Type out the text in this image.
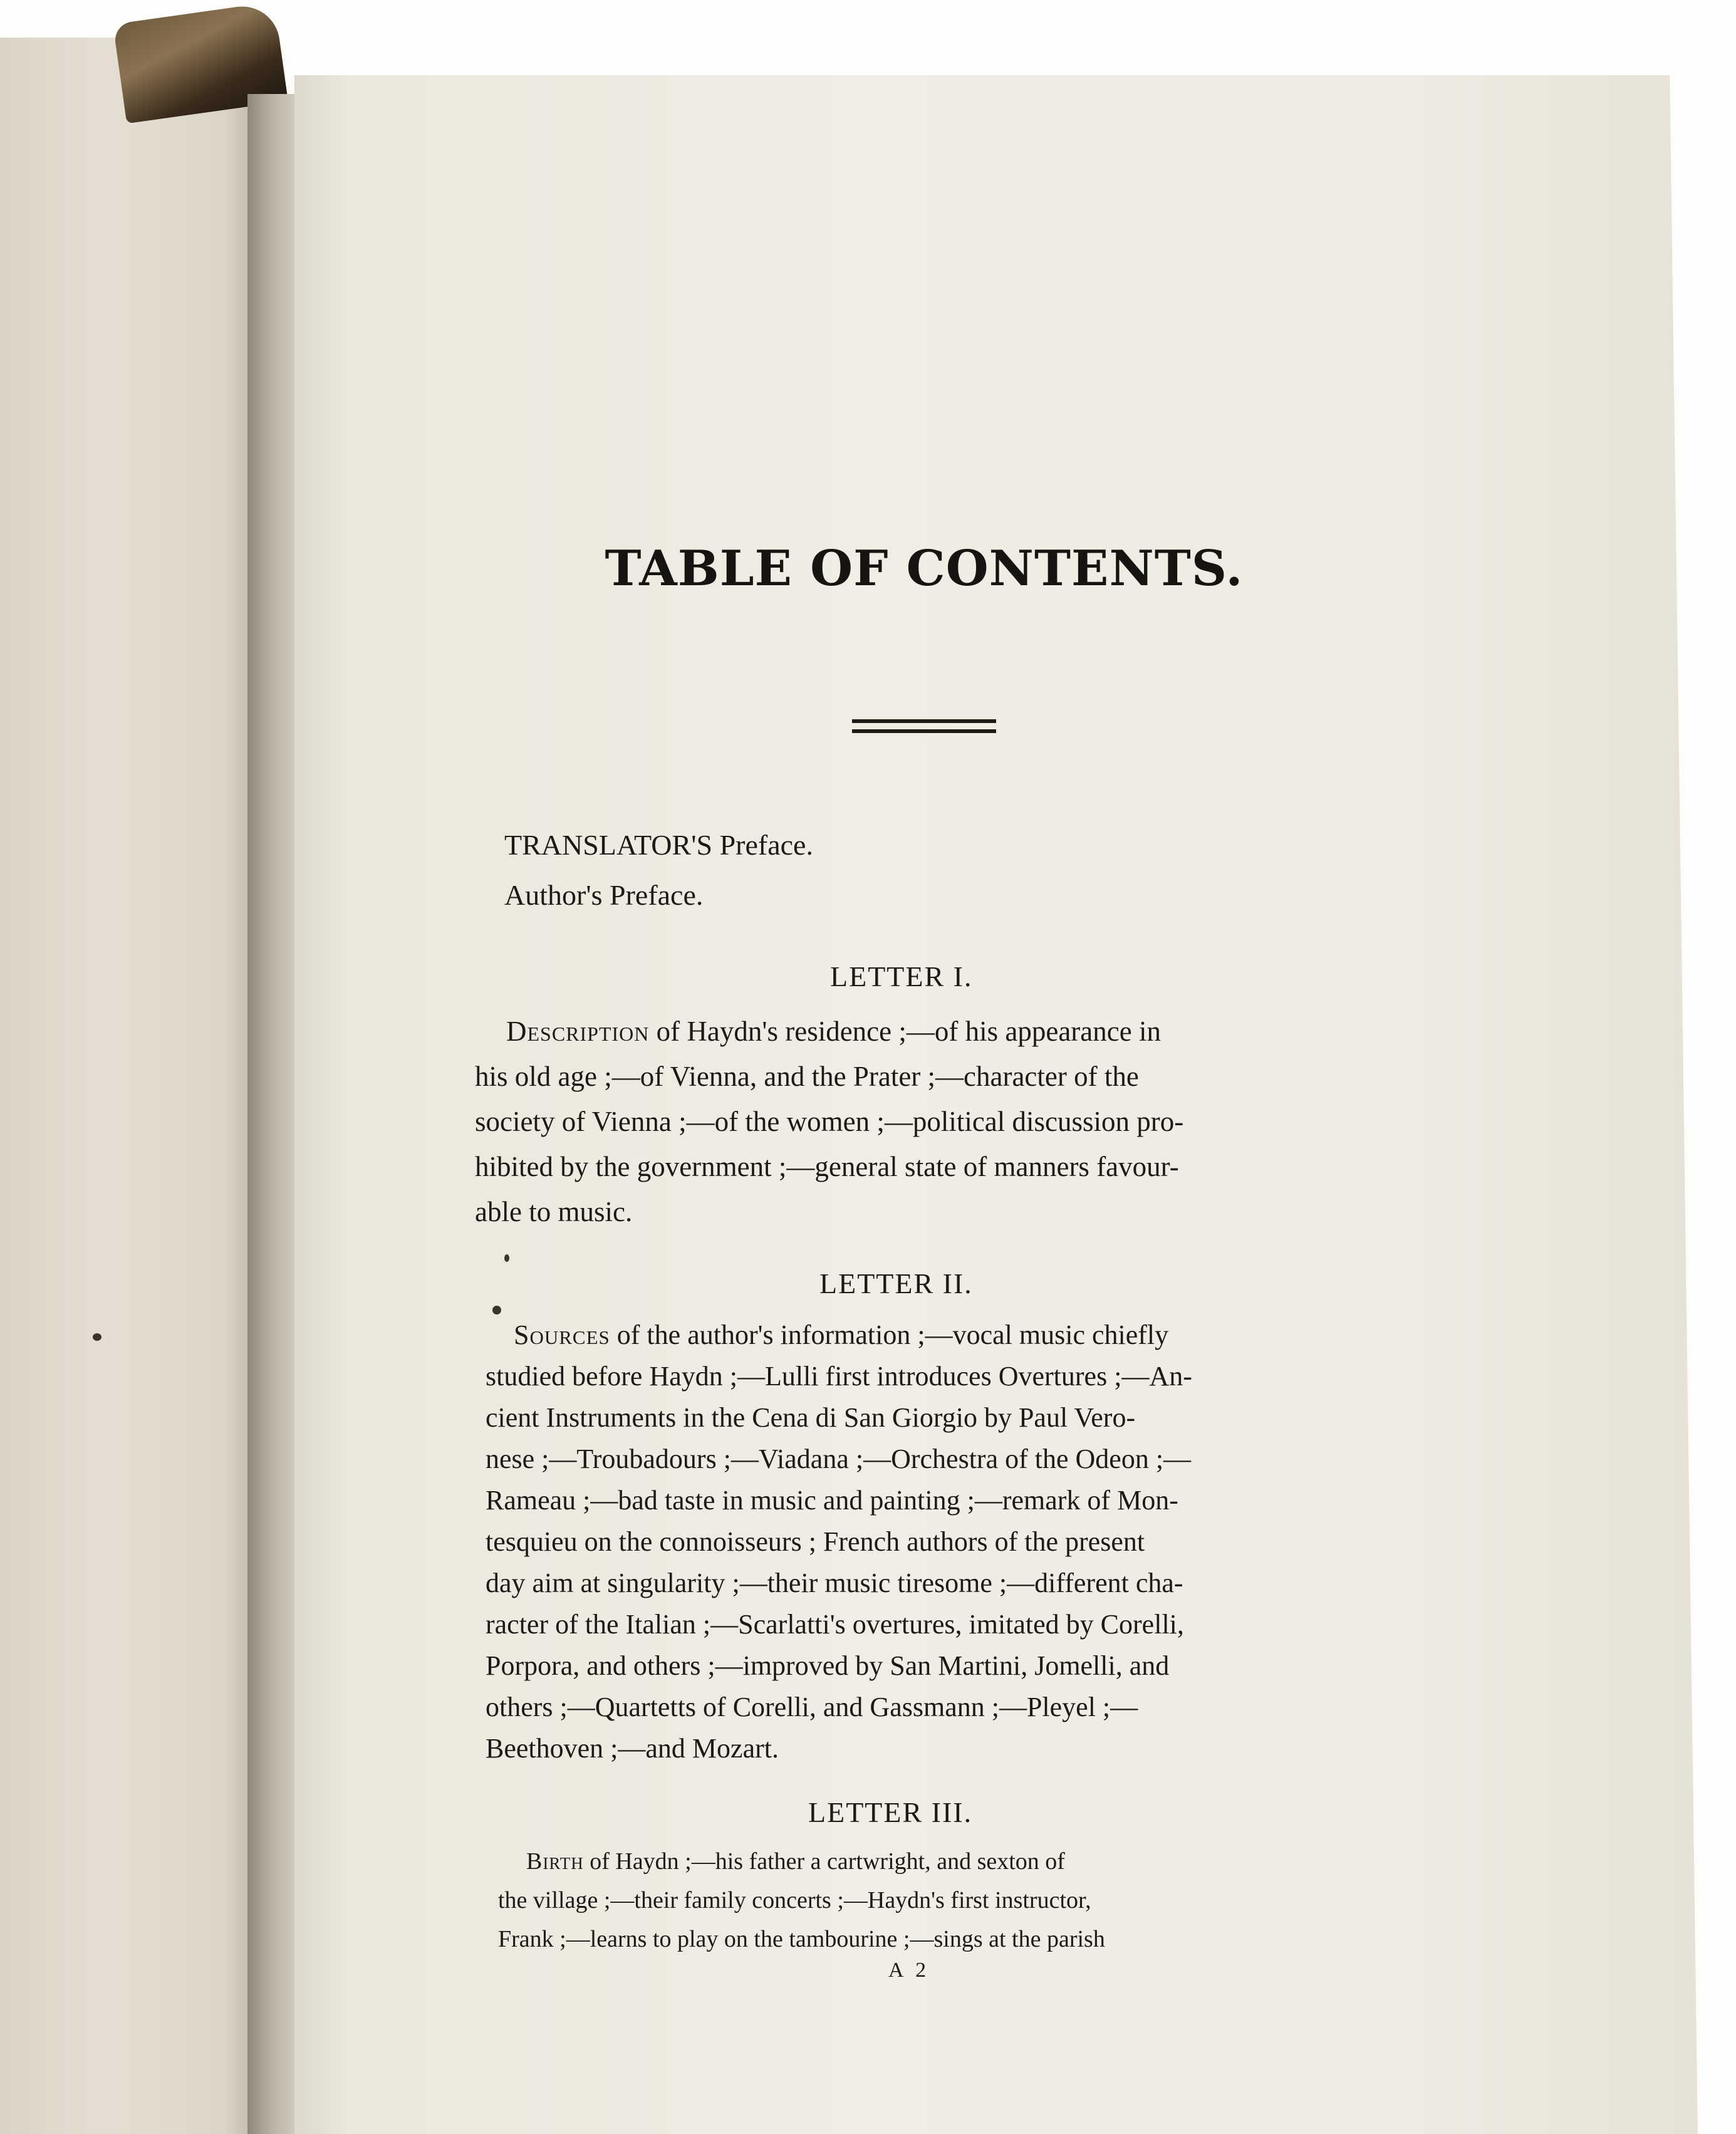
TABLE OF CONTENTS.
TRANSLATOR'S Preface.
Author's Preface.
LETTER I.
Description of Haydn's residence ;—of his appearance in
his old age ;—of Vienna, and the Prater ;—character of the
society of Vienna ;—of the women ;—political discussion pro-
hibited by the government ;—general state of manners favour-
able to music.
LETTER II.
Sources of the author's information ;—vocal music chiefly
studied before Haydn ;—Lulli first introduces Overtures ;—An-
cient Instruments in the Cena di San Giorgio by Paul Vero-
nese ;—Troubadours ;—Viadana ;—Orchestra of the Odeon ;—
Rameau ;—bad taste in music and painting ;—remark of Mon-
tesquieu on the connoisseurs ; French authors of the present
day aim at singularity ;—their music tiresome ;—different cha-
racter of the Italian ;—Scarlatti's overtures, imitated by Corelli,
Porpora, and others ;—improved by San Martini, Jomelli, and
others ;—Quartetts of Corelli, and Gassmann ;—Pleyel ;—
Beethoven ;—and Mozart.
LETTER III.
Birth of Haydn ;—his father a cartwright, and sexton of
the village ;—their family concerts ;—Haydn's first instructor,
Frank ;—learns to play on the tambourine ;—sings at the parish
A 2
